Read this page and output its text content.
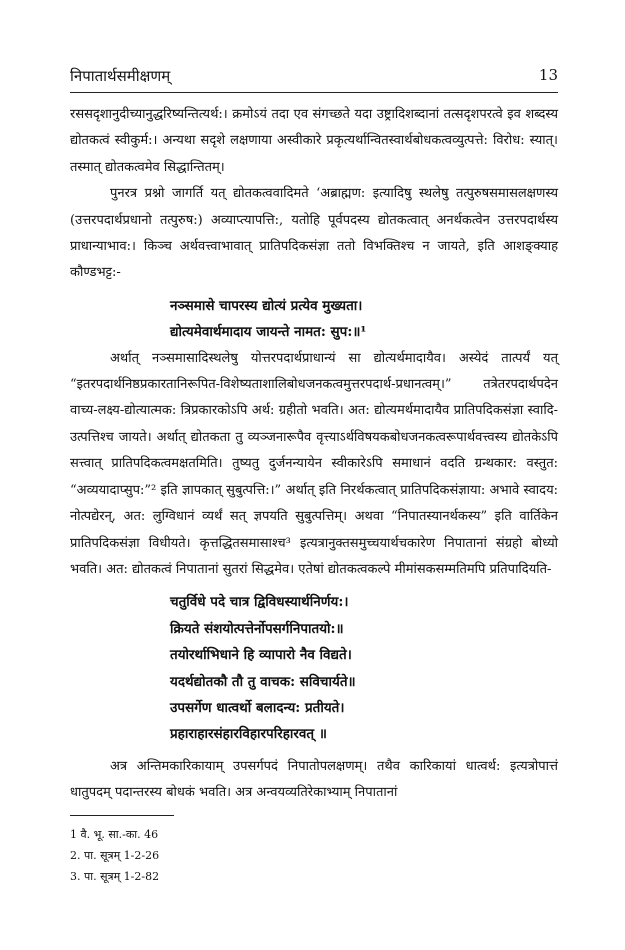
निपातार्थसमीक्षणम्	13

रससदृशानुदीच्यानुद्धरिष्यन्तित्यर्थ:। क्रमोऽयं तदा एव संगच्छते यदा उष्ट्रादिशब्दानां तत्सदृशपरत्वे इव शब्दस्य द्योतकत्वं स्वीकुर्म:। अन्यथा सदृशे लक्षणाया अस्वीकारे प्रकृत्यर्थान्वितस्वार्थबोधकत्वव्युत्पत्ते: विरोध: स्यात्। तस्मात् द्योतकत्वमेव सिद्धान्तितम्।

पुनरत्र प्रश्नो जागर्ति यत् द्योतकत्ववादिमते ‘अब्राह्मण: इत्यादिषु स्थलेषु तत्पुरुषसमासलक्षणस्य (उत्तरपदार्थप्रधानो तत्पुरुष:) अव्याप्त्यापत्ति:, यतोहि पूर्वपदस्य द्योतकत्वात् अनर्थकत्वेन उत्तरपदार्थस्य प्राधान्याभाव:। किञ्च अर्थवत्त्वाभावात् प्रातिपदिकसंज्ञा ततो विभक्तिश्च न जायते, इति आशङ्क्याह कौण्डभट्ट:-

नञ्समासे चापरस्य द्योत्यं प्रत्येव मुख्यता।
द्योत्यमेवार्थमादाय जायन्ते नामत: सुप:॥¹

अर्थात् नञ्समासादिस्थलेषु योत्तरपदार्थप्राधान्यं सा द्योत्यर्थमादायैव। अस्येदं तात्पर्यं यत् “इतरपदार्थनिष्ठप्रकारतानिरूपित-विशेष्यताशालिबोधजनकत्वमुत्तरपदार्थ-प्रधानत्वम्।” तत्रेतरपदार्थपदेन वाच्य-लक्ष्य-द्योत्यात्मक: त्रिप्रकारकोऽपि अर्थ: ग्रहीतो भवति। अत: द्योत्यमर्थमादायैव प्रातिपदिकसंज्ञा स्वादि-उत्पत्तिश्च जायते। अर्थात् द्योतकता तु व्यञ्जनारूपैव वृत्त्याऽर्थविषयकबोधजनकत्वरूपार्थवत्त्वस्य द्योतकेऽपि सत्त्वात् प्रातिपदिकत्वमक्षतमिति। तुष्यतु दुर्जनन्यायेन स्वीकारेऽपि समाधानं वदति ग्रन्थकार: वस्तुत: “अव्ययादाप्सुप:”² इति ज्ञापकात् सुबुत्पत्ति:।” अर्थात् इति निरर्थकत्वात् प्रातिपदिकसंज्ञाया: अभावे स्वादय: नोत्पद्येरन्, अत: लुग्विधानं व्यर्थं सत् ज्ञपयति सुबुत्पत्तिम्। अथवा “निपातस्यानर्थकस्य” इति वार्तिकेन प्रातिपदिकसंज्ञा विधीयते। कृत्तद्धितसमासाश्च³ इत्यत्रानुक्तसमुच्चयार्थचकारेण निपातानां संग्रहो बोध्यो भवति। अत: द्योतकत्वं निपातानां सुतरां सिद्धमेव। एतेषां द्योतकत्वकल्पे मीमांसकसम्मतिमपि प्रतिपादियति-

चतुर्विधे पदे चात्र द्विविधस्यार्थनिर्णय:।
क्रियते संशयोत्पत्तेर्नोपसर्गनिपातयो:॥
तयोरर्थाभिधाने हि व्यापारो नैव विद्यते।
यदर्थद्योतकौ तौ तु वाचक: सविचार्यते॥
उपसर्गेण धात्वर्थो बलादन्य: प्रतीयते।
प्रहाराहारसंहारविहारपरिहारवत् ॥

अत्र अन्तिमकारिकायाम् उपसर्गपदं निपातोपलक्षणम्। तथैव कारिकायां धात्वर्थ: इत्यत्रोपात्तं धातुपदम् पदान्तरस्य बोधकं भवति। अत्र अन्वयव्यतिरेकाभ्याम् निपातानां

1 वै. भू. सा.-का. 46
2. पा. सूत्रम् 1-2-26
3. पा. सूत्रम् 1-2-82
